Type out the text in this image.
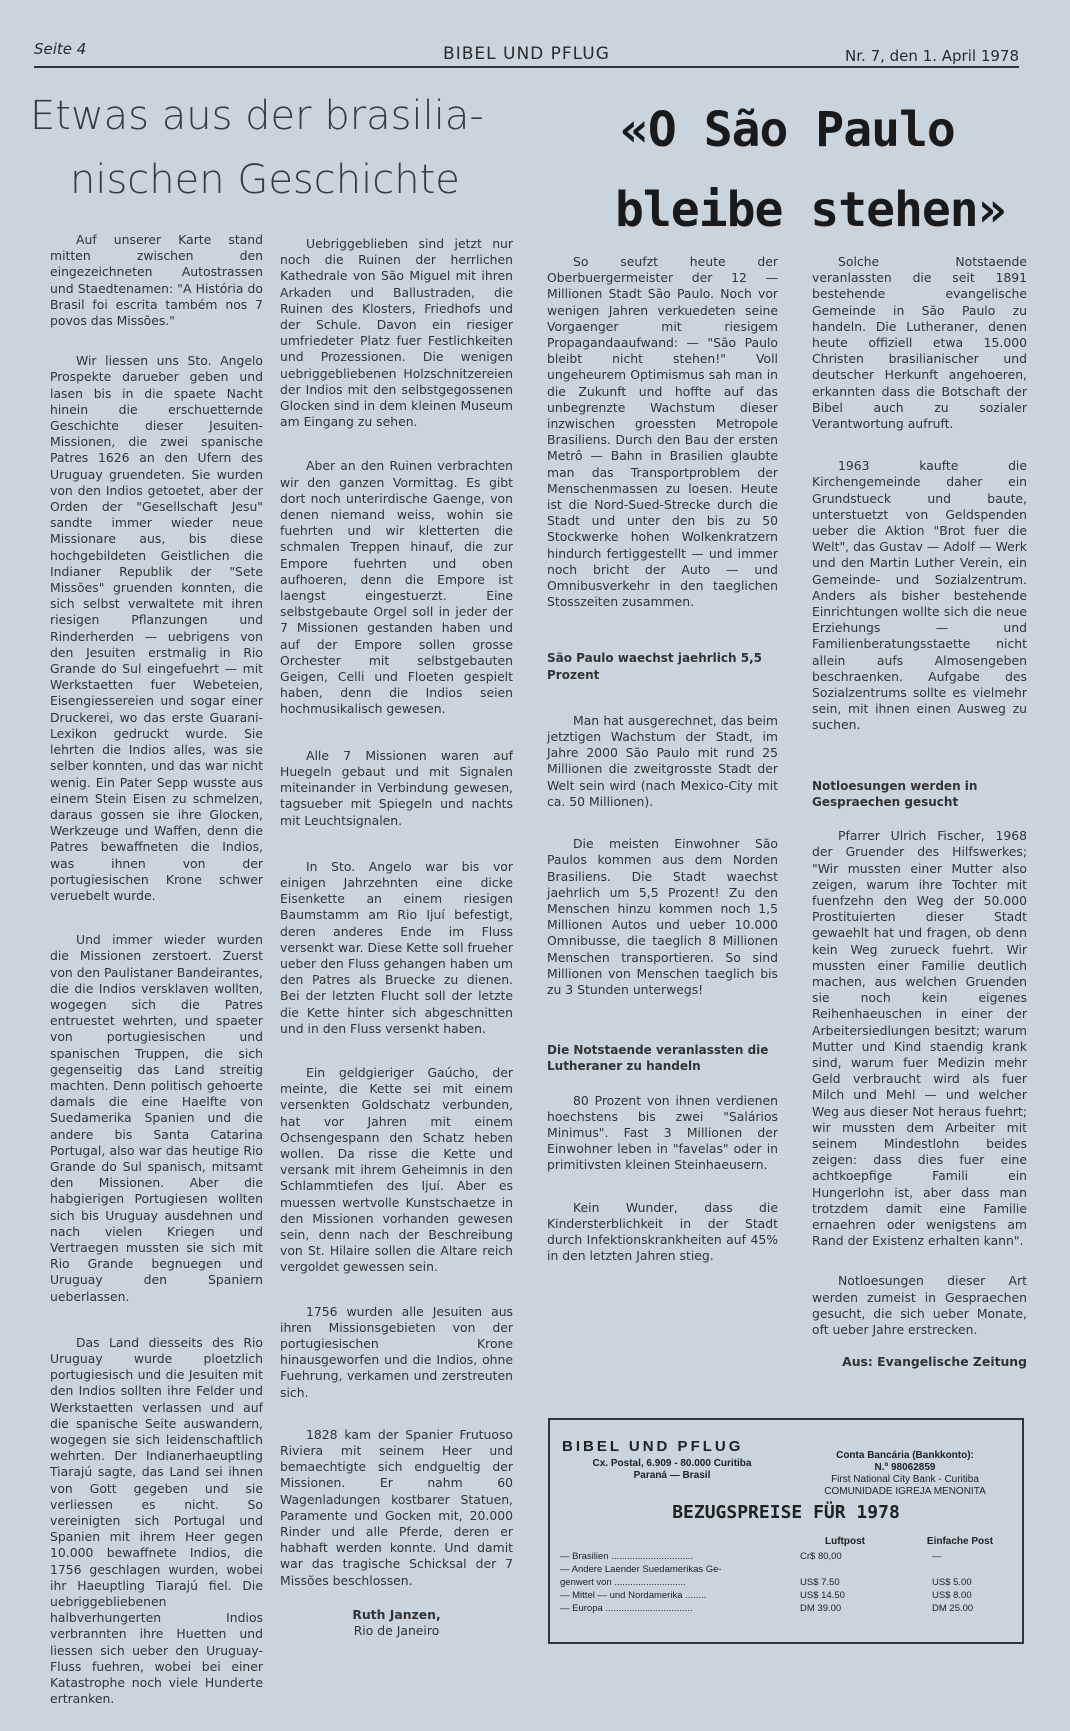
Seite 4	BIBEL UND PFLUG	Nr. 7, den 1. April 1978
Etwas aus der brasilia-
nischen Geschichte
«O São Paulo
bleibe stehen»

Auf unserer Karte stand mitten zwischen den eingezeichneten Autostrassen und Staedtenamen: "A História do Brasil foi escrita também nos 7 povos das Missões."

Wir liessen uns Sto. Angelo Prospekte darueber geben und lasen bis in die spaete Nacht hinein die erschuetternde Geschichte dieser Jesuiten-Missionen, die zwei spanische Patres 1626 an den Ufern des Uruguay gruendeten. Sie wurden von den Indios getoetet, aber der Orden der "Gesellschaft Jesu" sandte immer wieder neue Missionare aus, bis diese hochgebildeten Geistlichen die Indianer Republik der "Sete Missões" gruenden konnten, die sich selbst verwaltete mit ihren riesigen Pflanzungen und Rinderherden — uebrigens von den Jesuiten erstmalig in Rio Grande do Sul eingefuehrt — mit Werkstaetten fuer Webeteien, Eisengiessereien und sogar einer Druckerei, wo das erste Guarani-Lexikon gedruckt wurde. Sie lehrten die Indios alles, was sie selber konnten, und das war nicht wenig. Ein Pater Sepp wusste aus einem Stein Eisen zu schmelzen, daraus gossen sie ihre Glocken, Werkzeuge und Waffen, denn die Patres bewaffneten die Indios, was ihnen von der portugiesischen Krone schwer veruebelt wurde.

Und immer wieder wurden die Missionen zerstoert. Zuerst von den Paulistaner Bandeirantes, die die Indios versklaven wollten, wogegen sich die Patres entruestet wehrten, und spaeter von portugiesischen und spanischen Truppen, die sich gegenseitig das Land streitig machten. Denn politisch gehoerte damals die eine Haelfte von Suedamerika Spanien und die andere bis Santa Catarina Portugal, also war das heutige Rio Grande do Sul spanisch, mitsamt den Missionen. Aber die habgierigen Portugiesen wollten sich bis Uruguay ausdehnen und nach vielen Kriegen und Vertraegen mussten sie sich mit Rio Grande begnuegen und Uruguay den Spaniern ueberlassen.

Das Land diesseits des Rio Uruguay wurde ploetzlich portugiesisch und die Jesuiten mit den Indios sollten ihre Felder und Werkstaetten verlassen und auf die spanische Seite auswandern, wogegen sie sich leidenschaftlich wehrten. Der Indianerhaeuptling Tiarajú sagte, das Land sei ihnen von Gott gegeben und sie verliessen es nicht. So vereinigten sich Portugal und Spanien mit ihrem Heer gegen 10.000 bewaffnete Indios, die 1756 geschlagen wurden, wobei ihr Haeuptling Tiarajú fiel. Die uebriggebliebenen halbverhungerten Indios verbrannten ihre Huetten und liessen sich ueber den Uruguay-Fluss fuehren, wobei bei einer Katastrophe noch viele Hunderte ertranken.

Uebriggeblieben sind jetzt nur noch die Ruinen der herrlichen Kathedrale von São Miguel mit ihren Arkaden und Ballustraden, die Ruinen des Klosters, Friedhofs und der Schule. Davon ein riesiger umfriedeter Platz fuer Festlichkeiten und Prozessionen. Die wenigen uebriggebliebenen Holzschnitzereien der Indios mit den selbstgegossenen Glocken sind in dem kleinen Museum am Eingang zu sehen.

Aber an den Ruinen verbrachten wir den ganzen Vormittag. Es gibt dort noch unterirdische Gaenge, von denen niemand weiss, wohin sie fuehrten und wir kletterten die schmalen Treppen hinauf, die zur Empore fuehrten und oben aufhoeren, denn die Empore ist laengst eingestuerzt. Eine selbstgebaute Orgel soll in jeder der 7 Missionen gestanden haben und auf der Empore sollen grosse Orchester mit selbstgebauten Geigen, Celli und Floeten gespielt haben, denn die Indios seien hochmusikalisch gewesen.

Alle 7 Missionen waren auf Huegeln gebaut und mit Signalen miteinander in Verbindung gewesen, tagsueber mit Spiegeln und nachts mit Leuchtsignalen.

In Sto. Angelo war bis vor einigen Jahrzehnten eine dicke Eisenkette an einem riesigen Baumstamm am Rio Ijuí befestigt, deren anderes Ende im Fluss versenkt war. Diese Kette soll frueher ueber den Fluss gehangen haben um den Patres als Bruecke zu dienen. Bei der letzten Flucht soll der letzte die Kette hinter sich abgeschnitten und in den Fluss versenkt haben.

Ein geldgieriger Gaúcho, der meinte, die Kette sei mit einem versenkten Goldschatz verbunden, hat vor Jahren mit einem Ochsengespann den Schatz heben wollen. Da risse die Kette und versank mit ihrem Geheimnis in den Schlammtiefen des Ijuí. Aber es muessen wertvolle Kunstschaetze in den Missionen vorhanden gewesen sein, denn nach der Beschreibung von St. Hilaire sollen die Altare reich vergoldet gewessen sein.

1756 wurden alle Jesuiten aus ihren Missionsgebieten von der portugiesischen Krone hinausgeworfen und die Indios, ohne Fuehrung, verkamen und zerstreuten sich.

1828 kam der Spanier Frutuoso Riviera mit seinem Heer und bemaechtigte sich endgueltig der Missionen. Er nahm 60 Wagenladungen kostbarer Statuen, Paramente und Gocken mit, 20.000 Rinder und alle Pferde, deren er habhaft werden konnte. Und damit war das tragische Schicksal der 7 Missões beschlossen.

Ruth Janzen,
Rio de Janeiro

So seufzt heute der Oberbuergermeister der 12 — Millionen Stadt São Paulo. Noch vor wenigen Jahren verkuedeten seine Vorgaenger mit riesigem Propagandaaufwand: — "São Paulo bleibt nicht stehen!" Voll ungeheurem Optimismus sah man in die Zukunft und hoffte auf das unbegrenzte Wachstum dieser inzwischen groessten Metropole Brasiliens. Durch den Bau der ersten Metrô — Bahn in Brasilien glaubte man das Transportproblem der Menschenmassen zu loesen. Heute ist die Nord-Sued-Strecke durch die Stadt und unter den bis zu 50 Stockwerke hohen Wolkenkratzern hindurch fertiggestellt — und immer noch bricht der Auto — und Omnibusverkehr in den taeglichen Stosszeiten zusammen.

São Paulo waechst jaehrlich 5,5 Prozent

Man hat ausgerechnet, das beim jetztigen Wachstum der Stadt, im Jahre 2000 São Paulo mit rund 25 Millionen die zweitgrosste Stadt der Welt sein wird (nach Mexico-City mit ca. 50 Millionen).

Die meisten Einwohner São Paulos kommen aus dem Norden Brasiliens. Die Stadt waechst jaehrlich um 5,5 Prozent! Zu den Menschen hinzu kommen noch 1,5 Millionen Autos und ueber 10.000 Omnibusse, die taeglich 8 Millionen Menschen transportieren. So sind Millionen von Menschen taeglich bis zu 3 Stunden unterwegs!

Die Notstaende veranlassten die Lutheraner zu handeln

80 Prozent von ihnen verdienen hoechstens bis zwei "Salários Minimus". Fast 3 Millionen der Einwohner leben in "favelas" oder in primitivsten kleinen Steinhaeusern.

Kein Wunder, dass die Kindersterblichkeit in der Stadt durch Infektionskrankheiten auf 45% in den letzten Jahren stieg.

Solche Notstaende veranlassten die seit 1891 bestehende evangelische Gemeinde in São Paulo zu handeln. Die Lutheraner, denen heute offiziell etwa 15.000 Christen brasilianischer und deutscher Herkunft angehoeren, erkannten dass die Botschaft der Bibel auch zu sozialer Verantwortung aufruft.

1963 kaufte die Kirchengemeinde daher ein Grundstueck und baute, unterstuetzt von Geldspenden ueber die Aktion "Brot fuer die Welt", das Gustav — Adolf — Werk und den Martin Luther Verein, ein Gemeinde- und Sozialzentrum. Anders als bisher bestehende Einrichtungen wollte sich die neue Erziehungs — und Familienberatungsstaette nicht allein aufs Almosengeben beschraenken. Aufgabe des Sozialzentrums sollte es vielmehr sein, mit ihnen einen Ausweg zu suchen.

Notloesungen werden in Gespraechen gesucht

Pfarrer Ulrich Fischer, 1968 der Gruender des Hilfswerkes; "Wir mussten einer Mutter also zeigen, warum ihre Tochter mit fuenfzehn den Weg der 50.000 Prostituierten dieser Stadt gewaehlt hat und fragen, ob denn kein Weg zurueck fuehrt. Wir mussten einer Familie deutlich machen, aus welchen Gruenden sie noch kein eigenes Reihenhaeuschen in einer der Arbeitersiedlungen besitzt; warum Mutter und Kind staendig krank sind, warum fuer Medizin mehr Geld verbraucht wird als fuer Milch und Mehl — und welcher Weg aus dieser Not heraus fuehrt; wir mussten dem Arbeiter mit seinem Mindestlohn beides zeigen: dass dies fuer eine achtkoepfige Famili ein Hungerlohn ist, aber dass man trotzdem damit eine Familie ernaehren oder wenigstens am Rand der Existenz erhalten kann".

Notloesungen dieser Art werden zumeist in Gespraechen gesucht, die sich ueber Monate, oft ueber Jahre erstrecken.

Aus: Evangelische Zeitung
BIBEL UND PFLUG
Cx. Postal, 6.909 - 80.000 Curitiba
Paraná — Brasil
Conta Bancária (Bankkonto):
N.º 98062859
First National City Bank - Curitiba
COMUNIDADE IGREJA MENONITA
BEZUGSPREISE FÜR 1978
Luftpost	Einfache Post
— Brasilien ...............................	Cr$ 80,00	—
— Andere Laender Suedamerikas Ge-
genwert von ...........................	US$ 7.50	US$ 5.00
— Mittel — und Nordamerika ........	US$ 14.50	US$ 8.00
— Europa .................................	DM 39.00	DM 25.00
